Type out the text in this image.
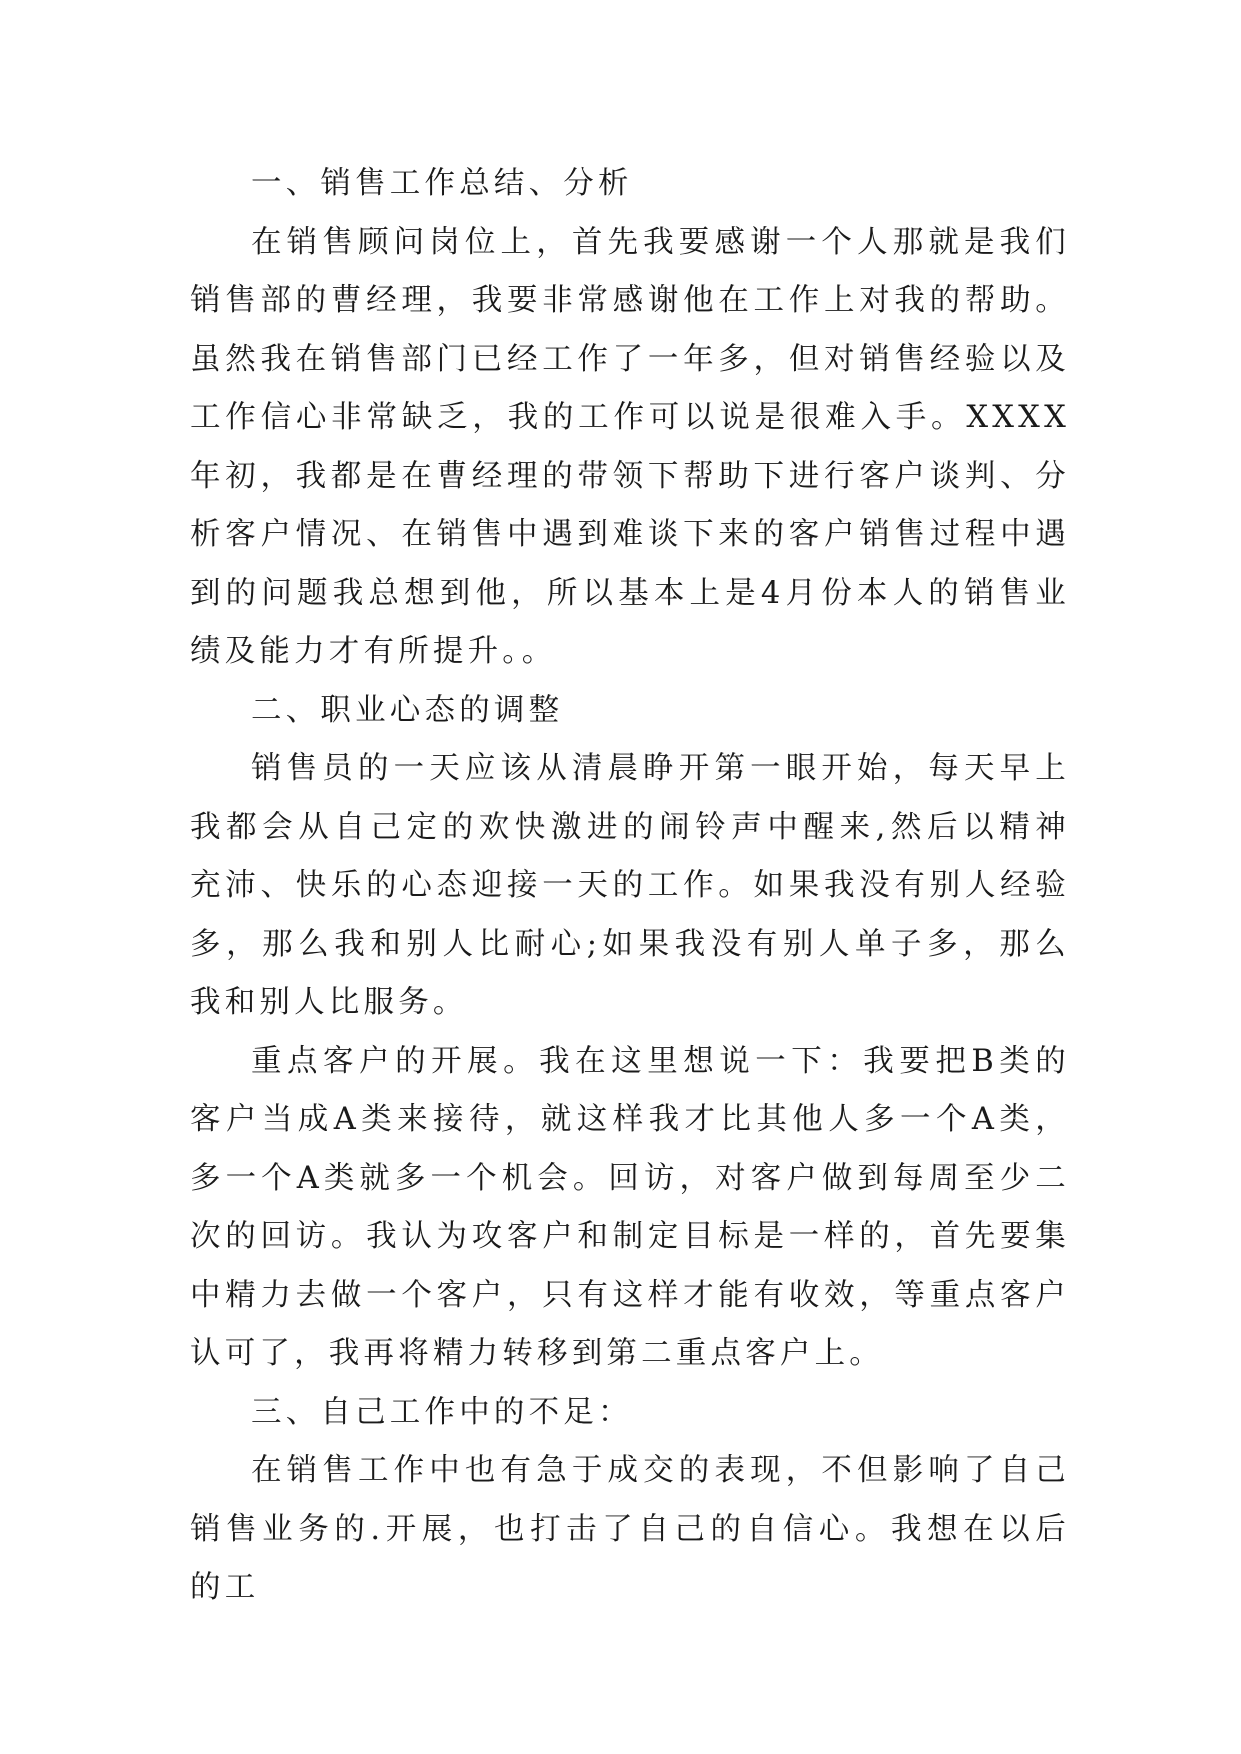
一、销售工作总结、分析

在销售顾问岗位上，首先我要感谢一个人那就是我们销售部的曹经理，我要非常感谢他在工作上对我的帮助。虽然我在销售部门已经工作了一年多，但对销售经验以及工作信心非常缺乏，我的工作可以说是很难入手。XXXX年初，我都是在曹经理的带领下帮助下进行客户谈判、分析客户情况、在销售中遇到难谈下来的客户销售过程中遇到的问题我总想到他，所以基本上是4月份本人的销售业绩及能力才有所提升。。

二、职业心态的调整

销售员的一天应该从清晨睁开第一眼开始，每天早上我都会从自己定的欢快激进的闹铃声中醒来,然后以精神充沛、快乐的心态迎接一天的工作。如果我没有别人经验多，那么我和别人比耐心;如果我没有别人单子多，那么我和别人比服务。

重点客户的开展。我在这里想说一下：我要把B类的客户当成A类来接待，就这样我才比其他人多一个A类，多一个A类就多一个机会。回访，对客户做到每周至少二次的回访。我认为攻客户和制定目标是一样的，首先要集中精力去做一个客户，只有这样才能有收效，等重点客户认可了，我再将精力转移到第二重点客户上。

三、自己工作中的不足：

在销售工作中也有急于成交的表现，不但影响了自己销售业务的.开展，也打击了自己的自信心。我想在以后的工
